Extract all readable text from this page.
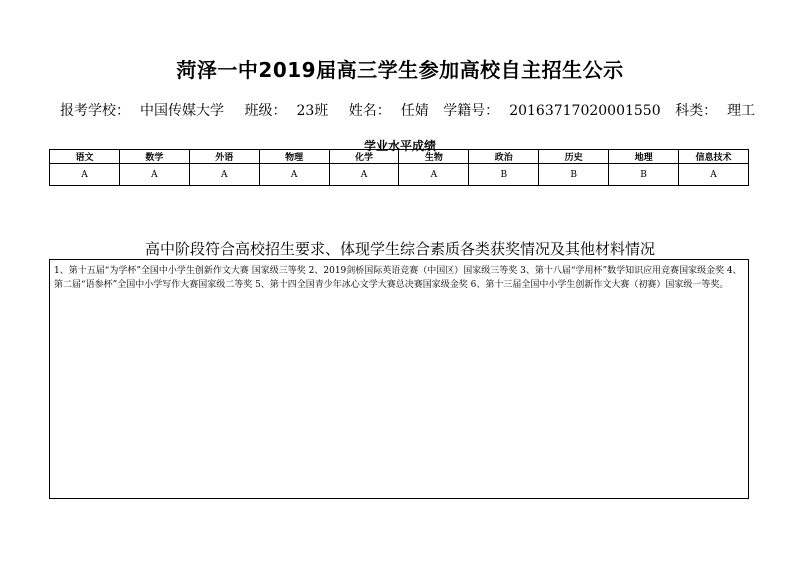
菏泽一中2019届高三学生参加高校自主招生公示
报考学校： 中国传媒大学 班级： 23班 姓名： 任婧 学籍号： 20163717020001550 科类： 理工
学业水平成绩
语文	数学	外语	物理	化学	生物	政治	历史	地理	信息技术
A	A	A	A	A	A	B	B	B	A
高中阶段符合高校招生要求、体现学生综合素质各类获奖情况及其他材料情况

1、第十五届“为学杯”全国中小学生创新作文大赛 国家级三等奖 2、2019剑桥国际英语竞赛（中国区）国家级三等奖 3、第十八届“学用杯”数学知识应用竞赛国家级金奖 4、第二届“语参杯”全国中小学写作大赛国家级二等奖 5、第十四全国青少年冰心文学大赛总决赛国家级金奖 6、第十三届全国中小学生创新作文大赛（初赛）国家级一等奖。
